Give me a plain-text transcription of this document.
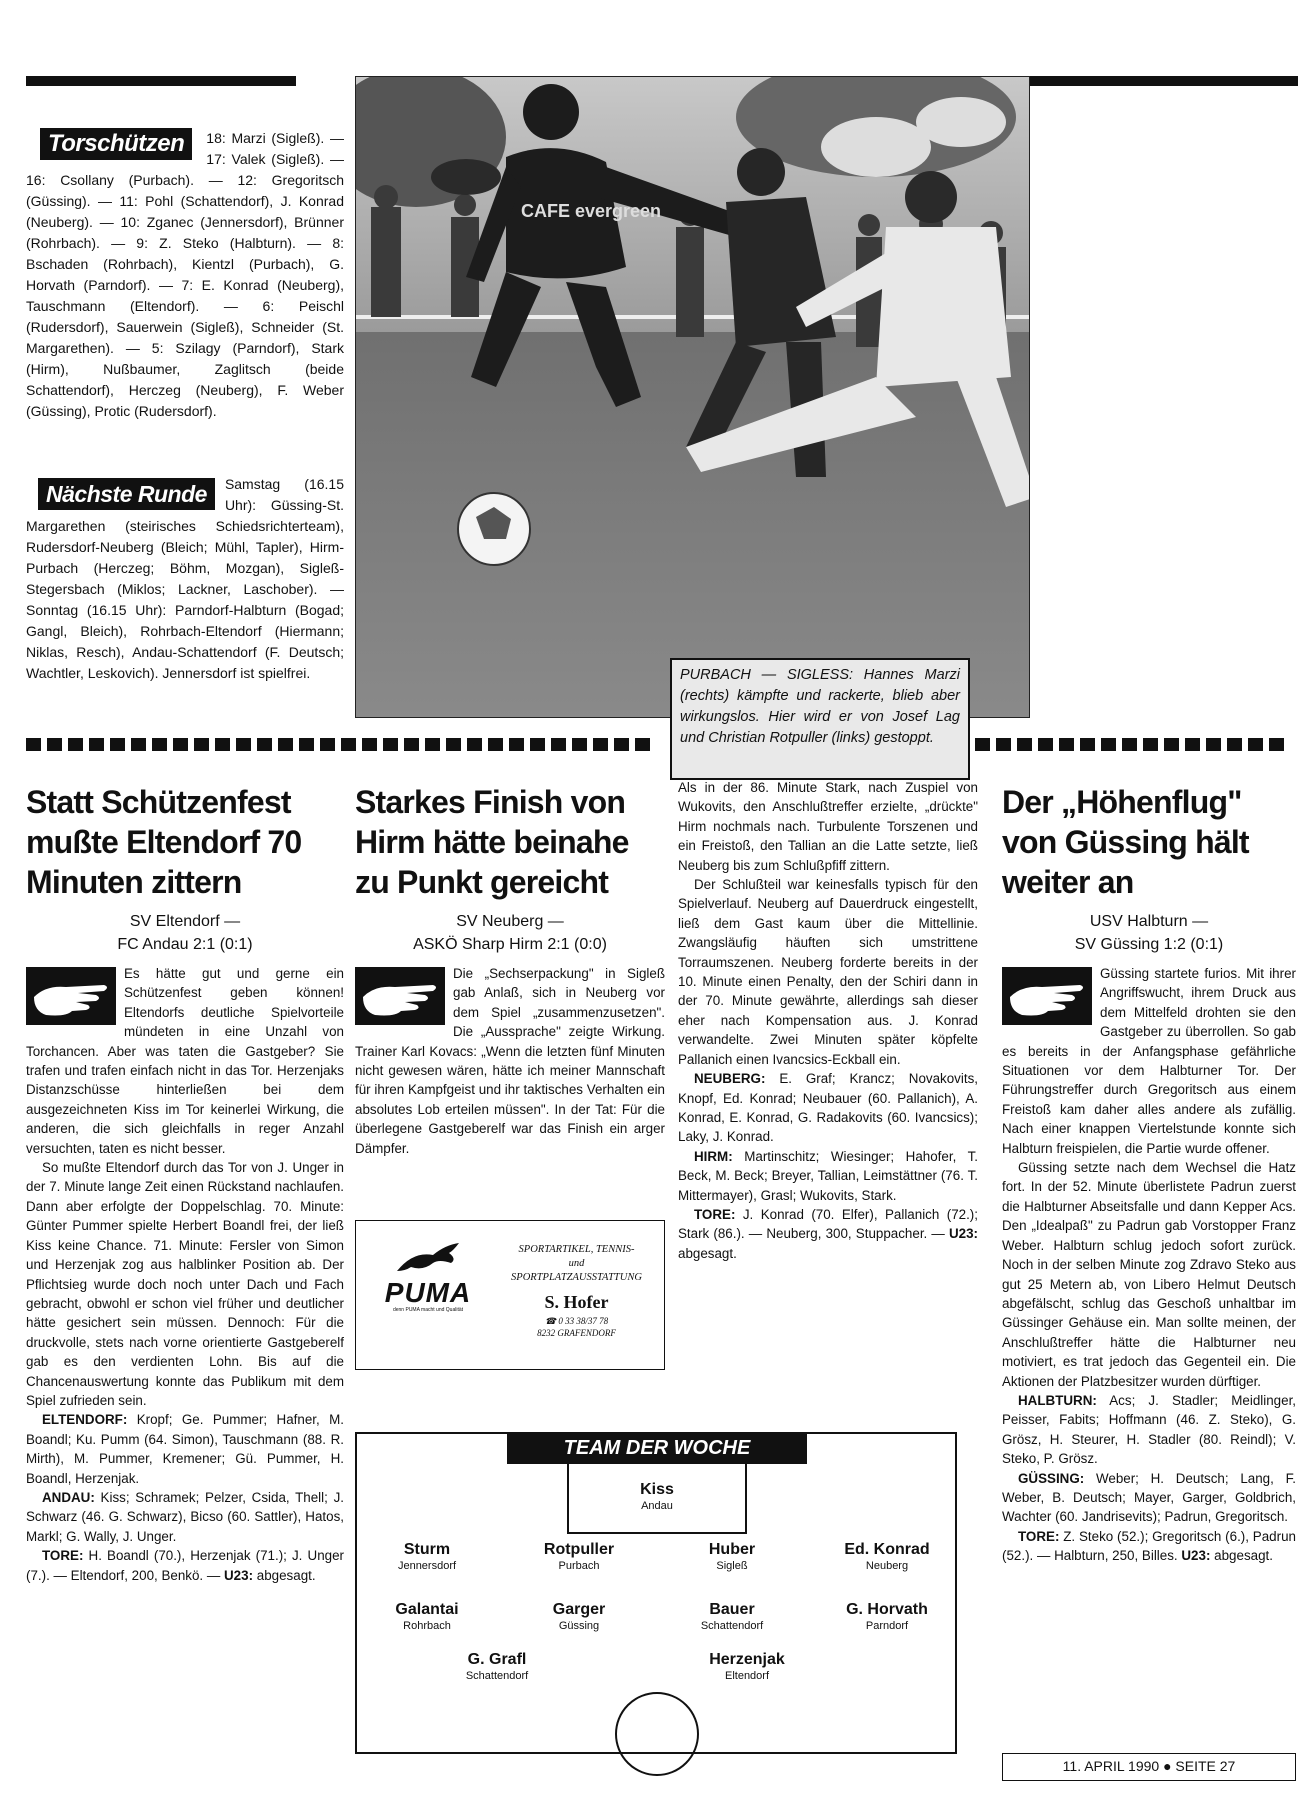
Torschützen	18: Marzi (Sigleß). — 17: Valek (Sigleß). — 16: Csollany (Purbach). — 12: Gregoritsch (Güssing). — 11: Pohl (Schattendorf), J. Konrad (Neuberg). — 10: Zganec (Jennersdorf), Brünner (Rohrbach). — 9: Z. Steko (Halbturn). — 8: Bschaden (Rohrbach), Kientzl (Purbach), G. Horvath (Parndorf). — 7: E. Konrad (Neuberg), Tauschmann (Eltendorf). — 6: Peischl (Rudersdorf), Sauerwein (Sigleß), Schneider (St. Margarethen). — 5: Szilagy (Parndorf), Stark (Hirm), Nußbaumer, Zaglitsch (beide Schattendorf), Herczeg (Neuberg), F. Weber (Güssing), Protic (Rudersdorf).
Nächste Runde	Samstag (16.15 Uhr): Güssing-St. Margarethen (steirisches Schiedsrichterteam), Rudersdorf-Neuberg (Bleich; Mühl, Tapler), Hirm-Purbach (Herczeg; Böhm, Mozgan), Sigleß-Stegersbach (Miklos; Lackner, Laschober). — Sonntag (16.15 Uhr): Parndorf-Halbturn (Bogad; Gangl, Bleich), Rohrbach-Eltendorf (Hiermann; Niklas, Resch), Andau-Schattendorf (F. Deutsch; Wachtler, Leskovich). Jennersdorf ist spielfrei.
CAFE evergreen
PURBACH — SIGLESS: Hannes Marzi (rechts) kämpfte und rackerte, blieb aber wirkungslos. Hier wird er von Josef Lag und Christian Rotpuller (links) gestoppt.
Statt Schützenfest mußte Eltendorf 70 Minuten zittern
SV Eltendorf —
FC Andau 2:1 (0:1)
Es hätte gut und gerne ein Schützenfest geben können! Eltendorfs deutliche Spielvorteile mündeten in eine Unzahl von Torchancen. Aber was taten die Gastgeber? Sie trafen und trafen einfach nicht in das Tor. Herzenjaks Distanzschüsse hinterließen bei dem ausgezeichneten Kiss im Tor keinerlei Wirkung, die anderen, die sich gleichfalls in reger Anzahl versuchten, taten es nicht besser.
So mußte Eltendorf durch das Tor von J. Unger in der 7. Minute lange Zeit einen Rückstand nachlaufen. Dann aber erfolgte der Doppelschlag. 70. Minute: Günter Pummer spielte Herbert Boandl frei, der ließ Kiss keine Chance. 71. Minute: Fersler von Simon und Herzenjak zog aus halblinker Position ab. Der Pflichtsieg wurde doch noch unter Dach und Fach gebracht, obwohl er schon viel früher und deutlicher hätte gesichert sein müssen. Dennoch: Für die druckvolle, stets nach vorne orientierte Gastgeberelf gab es den verdienten Lohn. Bis auf die Chancenauswertung konnte das Publikum mit dem Spiel zufrieden sein.
ELTENDORF: Kropf; Ge. Pummer; Hafner, M. Boandl; Ku. Pumm (64. Simon), Tauschmann (88. R. Mirth), M. Pummer, Kremener; Gü. Pummer, H. Boandl, Herzenjak.
ANDAU: Kiss; Schramek; Pelzer, Csida, Thell; J. Schwarz (46. G. Schwarz), Bicso (60. Sattler), Hatos, Markl; G. Wally, J. Unger.
TORE: H. Boandl (70.), Herzenjak (71.); J. Unger (7.). — Eltendorf, 200, Benkö. — U23: abgesagt.
Starkes Finish von Hirm hätte beinahe zu Punkt gereicht
SV Neuberg —
ASKÖ Sharp Hirm 2:1 (0:0)
Die „Sechserpackung" in Sigleß gab Anlaß, sich in Neuberg vor dem Spiel „zusammenzusetzen". Die „Aussprache" zeigte Wirkung. Trainer Karl Kovacs: „Wenn die letzten fünf Minuten nicht gewesen wären, hätte ich meiner Mannschaft für ihren Kampfgeist und ihr taktisches Verhalten ein absolutes Lob erteilen müssen". In der Tat: Für die überlegene Gastgeberelf war das Finish ein arger Dämpfer.
PUMA
denn PUMA macht und Qualität
SPORTARTIKEL, TENNIS-
und
SPORTPLATZAUSSTATTUNG
S. Hofer
☎ 0 33 38/37 78
8232 GRAFENDORF
Als in der 86. Minute Stark, nach Zuspiel von Wukovits, den Anschlußtreffer erzielte, „drückte" Hirm nochmals nach. Turbulente Torszenen und ein Freistoß, den Tallian an die Latte setzte, ließ Neuberg bis zum Schlußpfiff zittern.
Der Schlußteil war keinesfalls typisch für den Spielverlauf. Neuberg auf Dauerdruck eingestellt, ließ dem Gast kaum über die Mittellinie. Zwangsläufig häuften sich umstrittene Torraumszenen. Neuberg forderte bereits in der 10. Minute einen Penalty, den der Schiri dann in der 70. Minute gewährte, allerdings sah dieser eher nach Kompensation aus. J. Konrad verwandelte. Zwei Minuten später köpfelte Pallanich einen Ivancsics-Eckball ein.
NEUBERG: E. Graf; Krancz; Novakovits, Knopf, Ed. Konrad; Neubauer (60. Pallanich), A. Konrad, E. Konrad, G. Radakovits (60. Ivancsics); Laky, J. Konrad.
HIRM: Martinschitz; Wiesinger; Hahofer, T. Beck, M. Beck; Breyer, Tallian, Leimstättner (76. T. Mittermayer), Grasl; Wukovits, Stark.
TORE: J. Konrad (70. Elfer), Pallanich (72.); Stark (86.). — Neuberg, 300, Stuppacher. — U23: abgesagt.
TEAM DER WOCHE
Kiss
Andau
Sturm
Jennersdorf
Rotpuller
Purbach
Huber
Sigleß
Ed. Konrad
Neuberg
Galantai
Rohrbach
Garger
Güssing
Bauer
Schattendorf
G. Horvath
Parndorf
G. Grafl
Schattendorf
Herzenjak
Eltendorf
Der „Höhenflug" von Güssing hält weiter an
USV Halbturn —
SV Güssing 1:2 (0:1)
Güssing startete furios. Mit ihrer Angriffswucht, ihrem Druck aus dem Mittelfeld drohten sie den Gastgeber zu überrollen. So gab es bereits in der Anfangsphase gefährliche Situationen vor dem Halbturner Tor. Der Führungstreffer durch Gregoritsch aus einem Freistoß kam daher alles andere als zufällig. Nach einer knappen Viertelstunde konnte sich Halbturn freispielen, die Partie wurde offener.
Güssing setzte nach dem Wechsel die Hatz fort. In der 52. Minute überlistete Padrun zuerst die Halbturner Abseitsfalle und dann Kepper Acs. Den „Idealpaß" zu Padrun gab Vorstopper Franz Weber. Halbturn schlug jedoch sofort zurück. Noch in der selben Minute zog Zdravo Steko aus gut 25 Metern ab, von Libero Helmut Deutsch abgefälscht, schlug das Geschoß unhaltbar im Güssinger Gehäuse ein. Man sollte meinen, der Anschlußtreffer hätte die Halbturner neu motiviert, es trat jedoch das Gegenteil ein. Die Aktionen der Platzbesitzer wurden dürftiger.
HALBTURN: Acs; J. Stadler; Meidlinger, Peisser, Fabits; Hoffmann (46. Z. Steko), G. Grösz, H. Steurer, H. Stadler (80. Reindl); V. Steko, P. Grösz.
GÜSSING: Weber; H. Deutsch; Lang, F. Weber, B. Deutsch; Mayer, Garger, Goldbrich, Wachter (60. Jandrisevits); Padrun, Gregoritsch.
TORE: Z. Steko (52.); Gregoritsch (6.), Padrun (52.). — Halbturn, 250, Billes. U23: abgesagt.
11. APRIL 1990 ● SEITE 27
